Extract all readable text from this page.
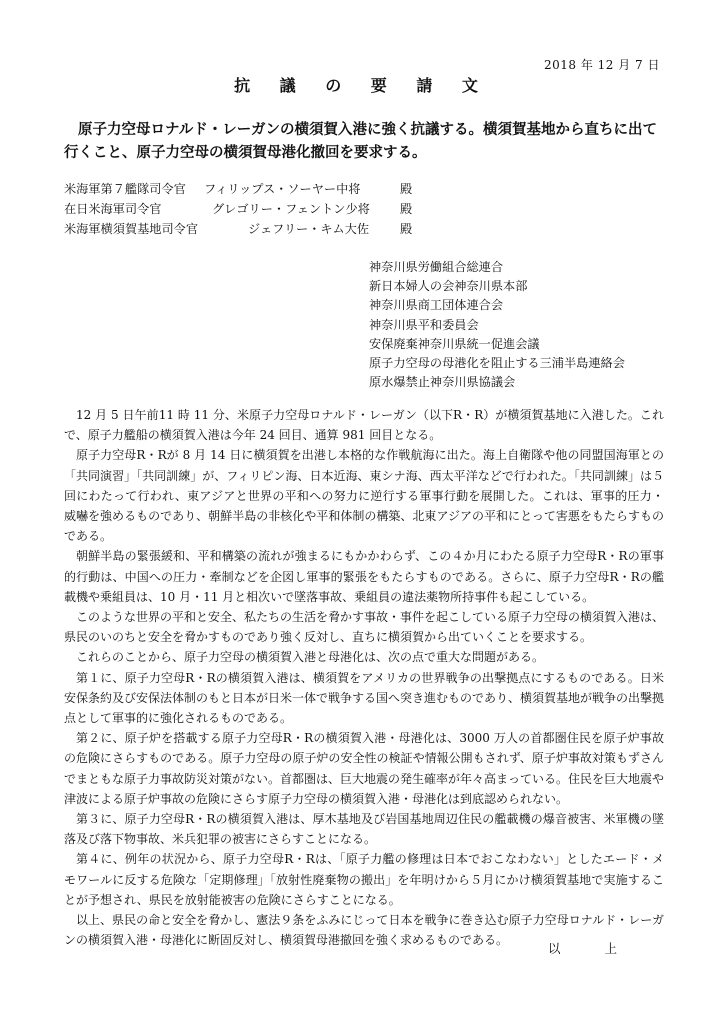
2018 年 12 月 7 日
抗 議 の 要 請 文
原子力空母ロナルド・レーガンの横須賀入港に強く抗議する。横須賀基地から直ちに出て行くこと、原子力空母の横須賀母港化撤回を要求する。
米海軍第７艦隊司令官 フィリップス・ソーヤー中将	殿
在日米海軍司令官	グレゴリー・フェントン少将 殿
米海軍横須賀基地司令官	ジェフリー・キム大佐	殿
神奈川県労働組合総連合
新日本婦人の会神奈川県本部
神奈川県商工団体連合会
神奈川県平和委員会
安保廃棄神奈川県統一促進会議
原子力空母の母港化を阻止する三浦半島連絡会
原水爆禁止神奈川県協議会

12 月 5 日午前11 時 11 分、米原子力空母ロナルド・レーガン（以下R・R）が横須賀基地に入港した。これで、原子力艦船の横須賀入港は今年 24 回目、通算 981 回目となる。

原子力空母R・Rが 8 月 14 日に横須賀を出港し本格的な作戦航海に出た。海上自衛隊や他の同盟国海軍との「共同演習」「共同訓練」が、フィリピン海、日本近海、東シナ海、西太平洋などで行われた。「共同訓練」は５回にわたって行われ、東アジアと世界の平和への努力に逆行する軍事行動を展開した。これは、軍事的圧力・威嚇を強めるものであり、朝鮮半島の非核化や平和体制の構築、北東アジアの平和にとって害悪をもたらすものである。

朝鮮半島の緊張緩和、平和構築の流れが強まるにもかかわらず、この４か月にわたる原子力空母R・Rの軍事的行動は、中国への圧力・牽制などを企図し軍事的緊張をもたらすものである。さらに、原子力空母R・Rの艦載機や乗組員は、10 月・11 月と相次いで墜落事故、乗組員の違法薬物所持事件も起こしている。

このような世界の平和と安全、私たちの生活を脅かす事故・事件を起こしている原子力空母の横須賀入港は、県民のいのちと安全を脅かすものであり強く反対し、直ちに横須賀から出ていくことを要求する。

これらのことから、原子力空母の横須賀入港と母港化は、次の点で重大な問題がある。

第１に、原子力空母R・Rの横須賀入港は、横須賀をアメリカの世界戦争の出撃拠点にするものである。日米安保条約及び安保法体制のもと日本が日米一体で戦争する国へ突き進むものであり、横須賀基地が戦争の出撃拠点として軍事的に強化されるものである。

第２に、原子炉を搭載する原子力空母R・Rの横須賀入港・母港化は、3000 万人の首都圏住民を原子炉事故の危険にさらすものである。原子力空母の原子炉の安全性の検証や情報公開もされず、原子炉事故対策もずさんでまともな原子力事故防災対策がない。首都圏は、巨大地震の発生確率が年々高まっている。住民を巨大地震や津波による原子炉事故の危険にさらす原子力空母の横須賀入港・母港化は到底認められない。

第３に、原子力空母R・Rの横須賀入港は、厚木基地及び岩国基地周辺住民の艦載機の爆音被害、米軍機の墜落及び落下物事故、米兵犯罪の被害にさらすことになる。

第４に、例年の状況から、原子力空母R・Rは、「原子力艦の修理は日本でおこなわない」としたエード・メモワールに反する危険な「定期修理」「放射性廃棄物の搬出」を年明けから５月にかけ横須賀基地で実施することが予想され、県民を放射能被害の危険にさらすことになる。

以上、県民の命と安全を脅かし、憲法９条をふみにじって日本を戦争に巻き込む原子力空母ロナルド・レーガンの横須賀入港・母港化に断固反対し、横須賀母港撤回を強く求めるものである。

以 上
